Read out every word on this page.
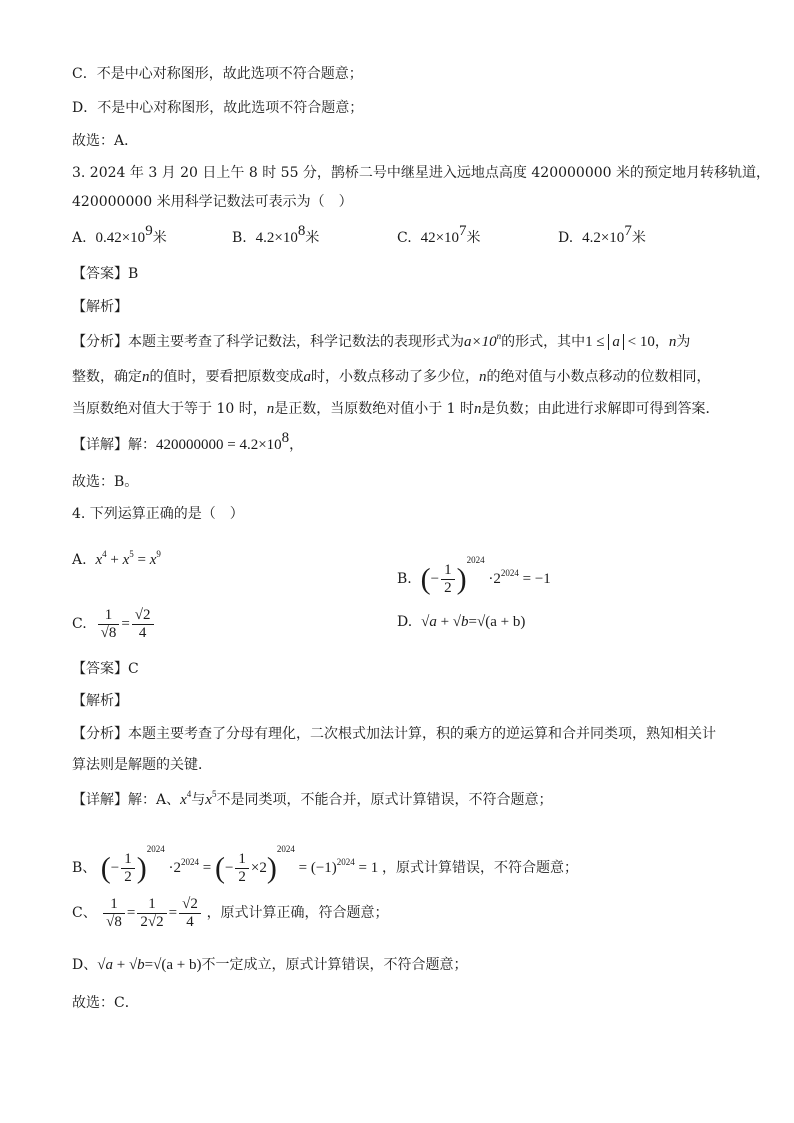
C．不是中心对称图形，故此选项不符合题意；
D．不是中心对称图形，故此选项不符合题意；
故选：A．
3. 2024 年 3 月 20 日上午 8 时 55 分，鹊桥二号中继星进入远地点高度 420000000 米的预定地月转移轨道，
420000000 米用科学记数法可表示为（　）
A. $0.42\times 10^9$米	B. $4.2\times 10^8$米	C. $42\times 10^7$米	D. $4.2\times 10^7$米
【答案】B
【解析】
【分析】本题主要考查了科学记数法，科学记数法的表现形式为$a\times 10^n$的形式，其中1 ≤ a < 10，n为
整数，确定n的值时，要看把原数变成a时，小数点移动了多少位，n的绝对值与小数点移动的位数相同，
当原数绝对值大于等于 10 时，n是正数，当原数绝对值小于 1 时n是负数；由此进行求解即可得到答案．
【详解】解：$420000000 = 4.2\times 10^8$，
故选：B。
4. 下列运算正确的是（　）
A. $x^4 + x^5 = x^9$
B. (− $\frac{1}{2} )^{2024} \cdot 2^{2024} = -1$
C. $\frac{1}{√8} = \frac{√2}{4}$	D. √a + √b=√(a + b)
【答案】C
【解析】
【分析】本题主要考查了分母有理化，二次根式加法计算，积的乘方的逆运算和合并同类项，熟知相关计
算法则是解题的关键．
【详解】解：A、$x^4$与$x^5$不是同类项，不能合并，原式计算错误，不符合题意；
B、 (− $\frac{1}{2} )^{2024} \cdot 2^{2024}$ = (− $\frac{1}{2} \times 2)^{2024} = (-1)^{2024} = 1$ ，原式计算错误，不符合题意；
C、 $\frac{1}{√8} = \frac{1}{2√2} = \frac{√2}{4}$ ，原式计算正确，符合题意；
D、√a + √b=√(a + b)不一定成立，原式计算错误，不符合题意；
故选：C．
